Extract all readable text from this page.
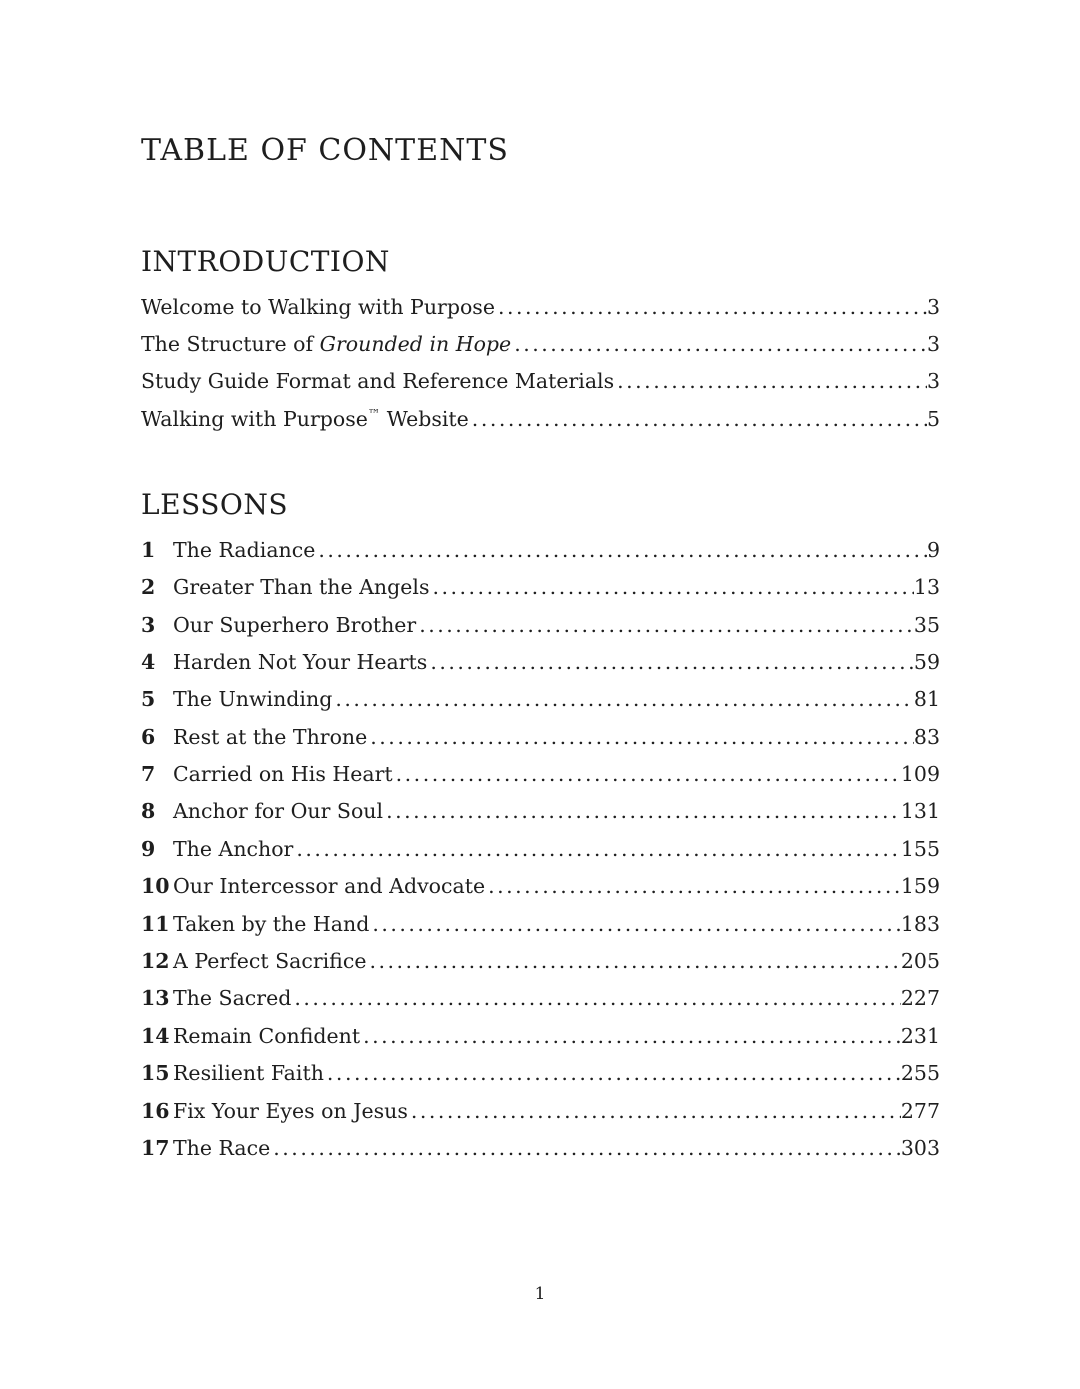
TABLE OF CONTENTS
INTRODUCTION
Welcome to Walking with Purpose .....	3
The Structure of Grounded in Hope .....	3
Study Guide Format and Reference Materials .....	3
Walking with Purpose™ Website .....	5
LESSONS
1 The Radiance .....	9
2 Greater Than the Angels .....	13
3 Our Superhero Brother .....	35
4 Harden Not Your Hearts .....	59
5 The Unwinding .....	81
6 Rest at the Throne .....	83
7 Carried on His Heart .....	109
8 Anchor for Our Soul .....	131
9 The Anchor .....	155
10 Our Intercessor and Advocate .....	159
11 Taken by the Hand .....	183
12 A Perfect Sacrifice .....	205
13 The Sacred .....	227
14 Remain Confident .....	231
15 Resilient Faith .....	255
16 Fix Your Eyes on Jesus .....	277
17 The Race .....	303
1
